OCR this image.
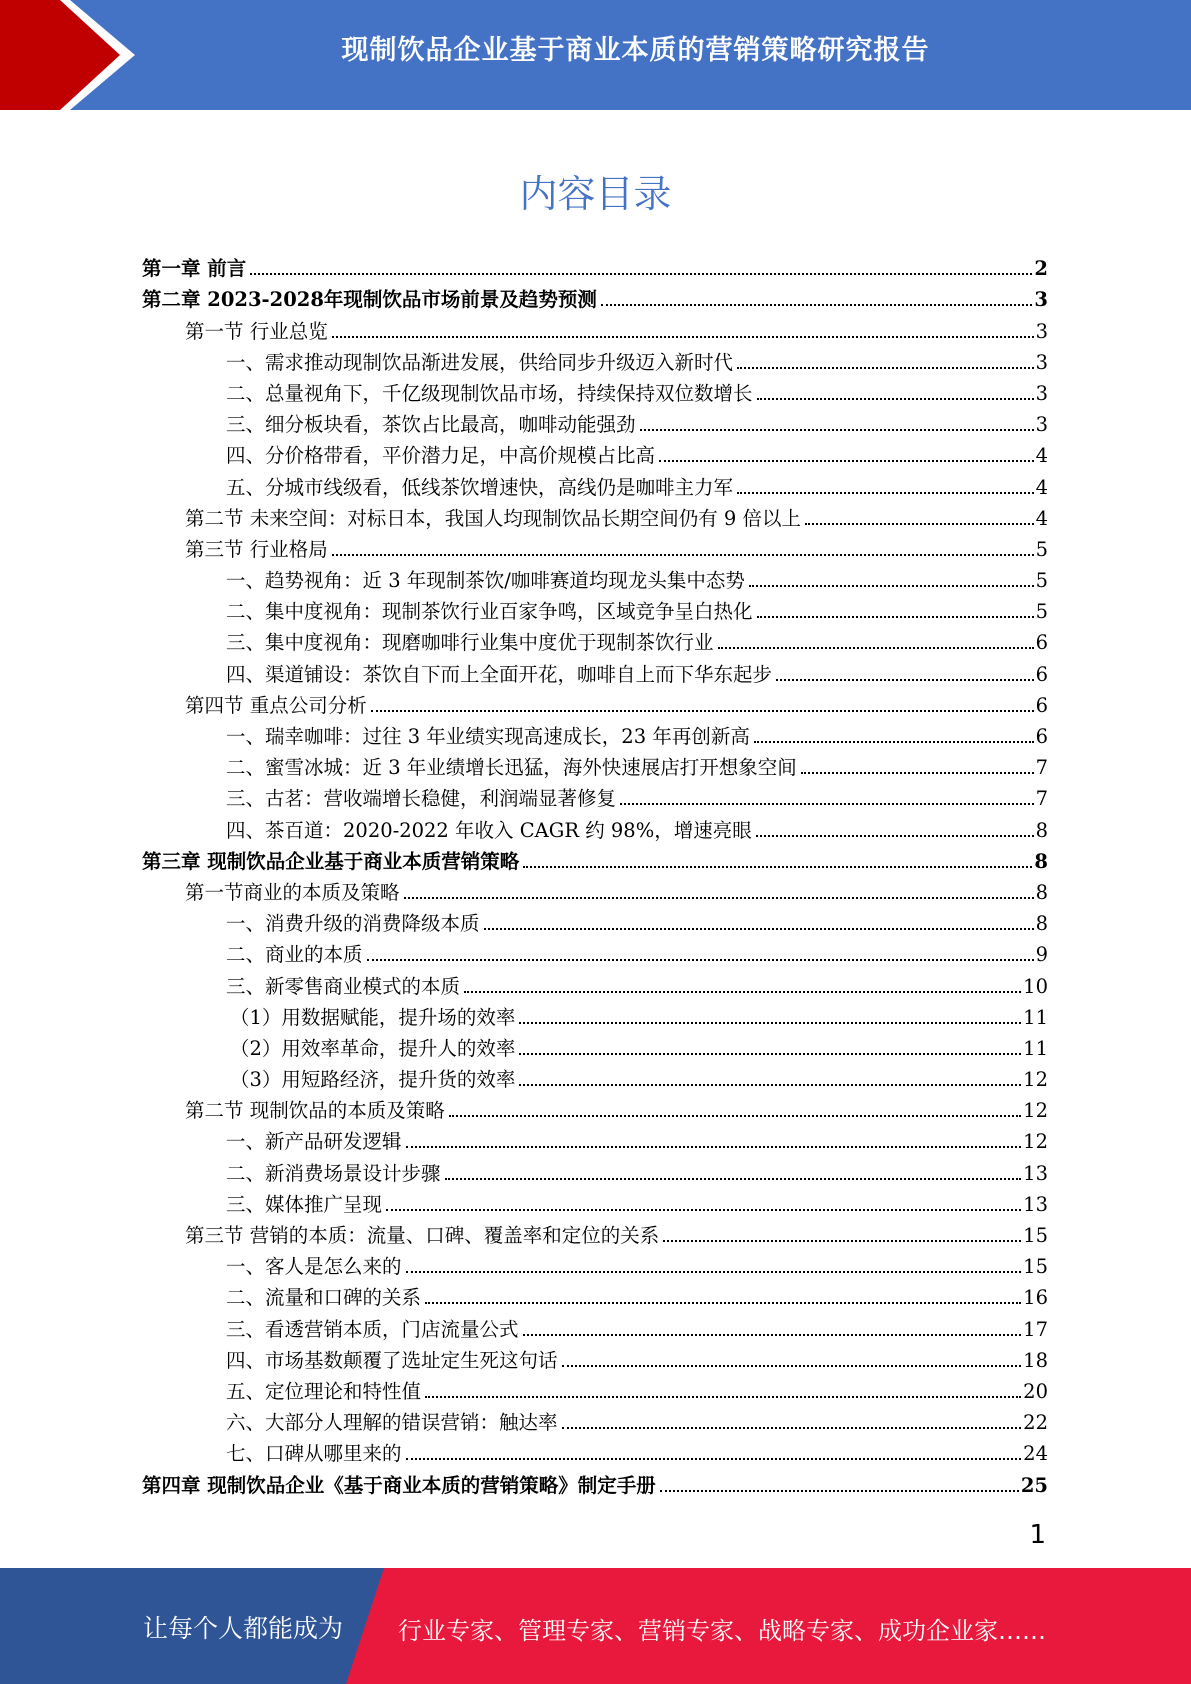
现制饮品企业基于商业本质的营销策略研究报告
内容目录
第一章 前言	2
第二章 2023-2028年现制饮品市场前景及趋势预测	3
第一节 行业总览	3
一、需求推动现制饮品渐进发展，供给同步升级迈入新时代	3
二、总量视角下，千亿级现制饮品市场，持续保持双位数增长	3
三、细分板块看，茶饮占比最高，咖啡动能强劲	3
四、分价格带看，平价潜力足，中高价规模占比高	4
五、分城市线级看，低线茶饮增速快，高线仍是咖啡主力军	4
第二节 未来空间：对标日本，我国人均现制饮品长期空间仍有 9 倍以上	4
第三节 行业格局	5
一、趋势视角：近 3 年现制茶饮/咖啡赛道均现龙头集中态势	5
二、集中度视角：现制茶饮行业百家争鸣，区域竞争呈白热化	5
三、集中度视角：现磨咖啡行业集中度优于现制茶饮行业	6
四、渠道铺设：茶饮自下而上全面开花，咖啡自上而下华东起步	6
第四节 重点公司分析	6
一、瑞幸咖啡：过往 3 年业绩实现高速成长，23 年再创新高	6
二、蜜雪冰城：近 3 年业绩增长迅猛，海外快速展店打开想象空间	7
三、古茗：营收端增长稳健，利润端显著修复	7
四、茶百道：2020-2022 年收入 CAGR 约 98%，增速亮眼	8
第三章 现制饮品企业基于商业本质营销策略	8
第一节商业的本质及策略	8
一、消费升级的消费降级本质	8
二、商业的本质	9
三、新零售商业模式的本质	10
（1）用数据赋能，提升场的效率	11
（2）用效率革命，提升人的效率	11
（3）用短路经济，提升货的效率	12
第二节 现制饮品的本质及策略	12
一、新产品研发逻辑	12
二、新消费场景设计步骤	13
三、媒体推广呈现	13
第三节 营销的本质：流量、口碑、覆盖率和定位的关系	15
一、客人是怎么来的	15
二、流量和口碑的关系	16
三、看透营销本质，门店流量公式	17
四、市场基数颠覆了选址定生死这句话	18
五、定位理论和特性值	20
六、大部分人理解的错误营销：触达率	22
七、口碑从哪里来的	24
第四章 现制饮品企业《基于商业本质的营销策略》制定手册	25
1
让每个人都能成为 行业专家、管理专家、营销专家、战略专家、成功企业家……
